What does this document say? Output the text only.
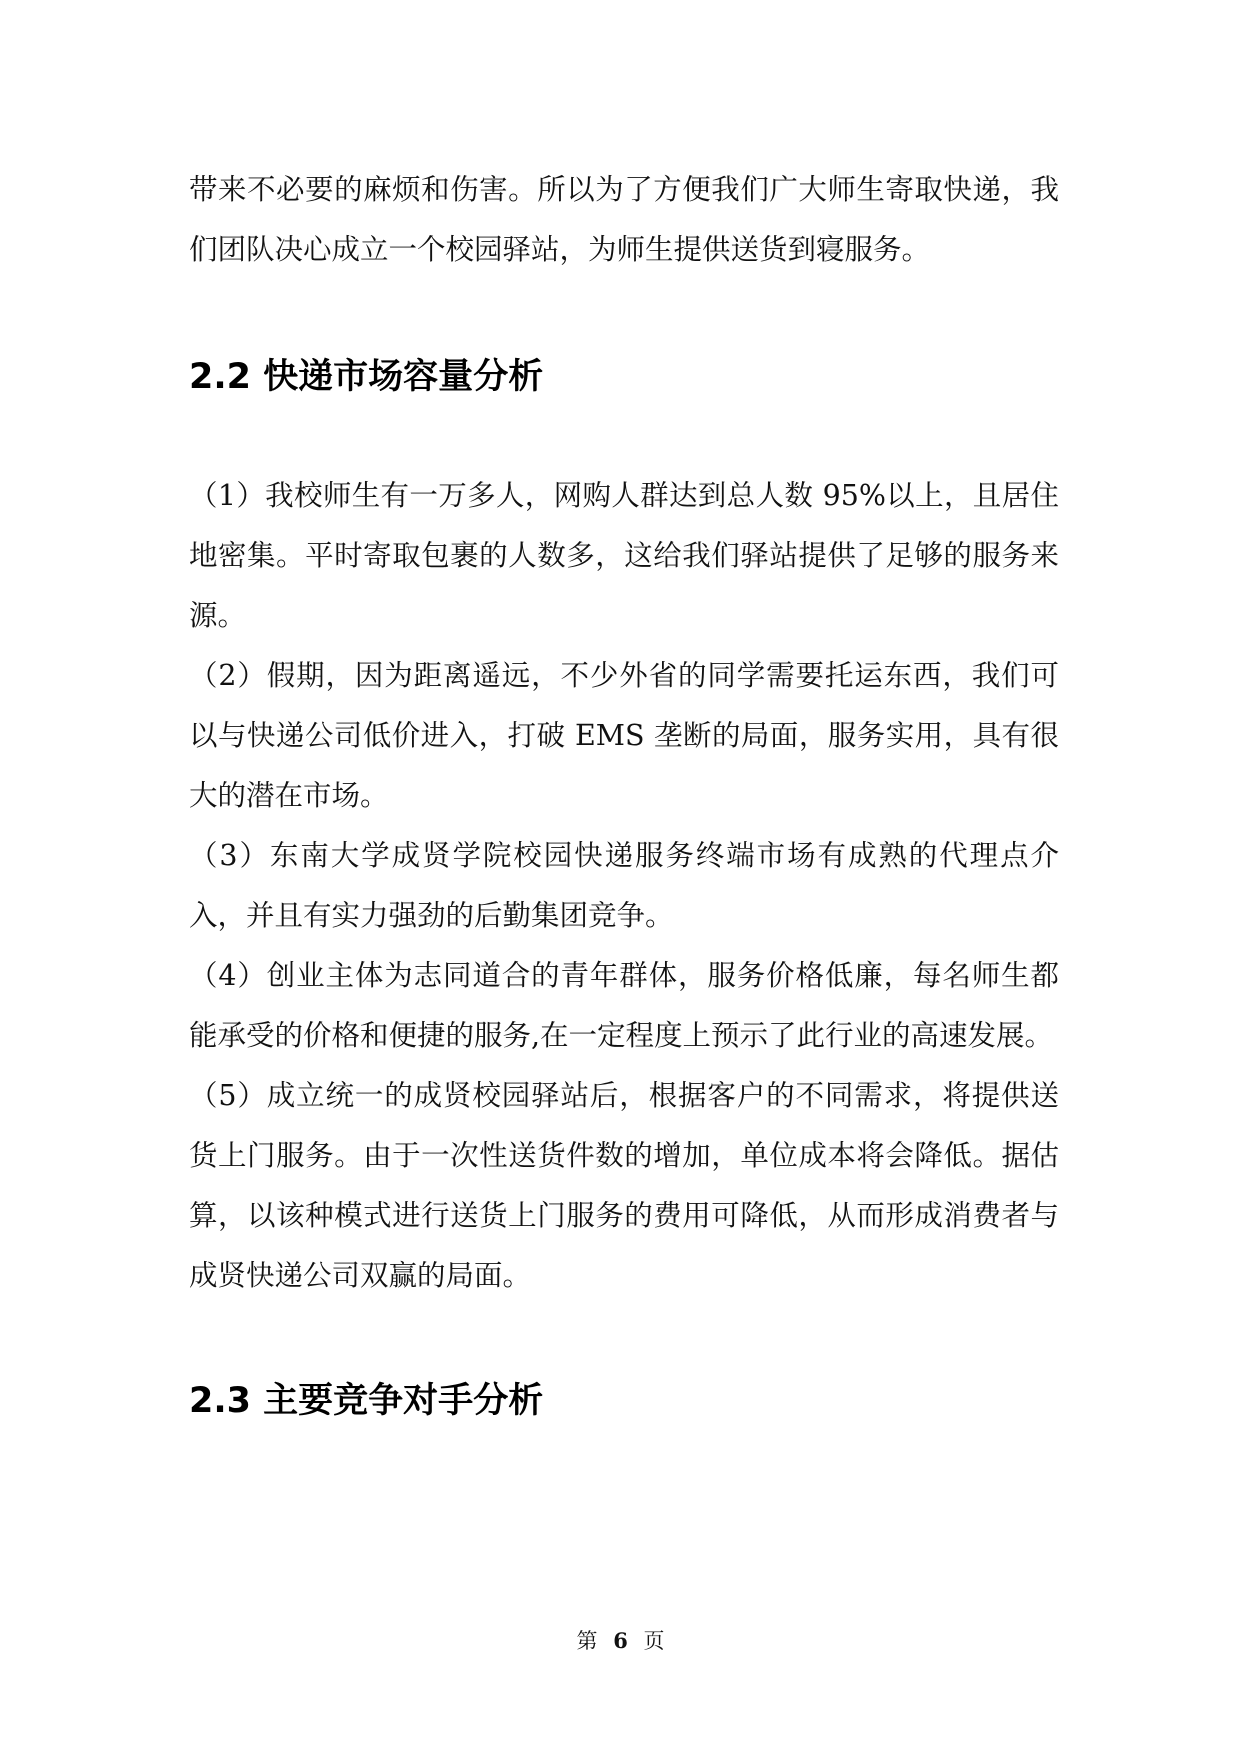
带来不必要的麻烦和伤害。所以为了方便我们广大师生寄取快递，我们团队决心成立一个校园驿站，为师生提供送货到寝服务。

2.2 快递市场容量分析

（1）我校师生有一万多人，网购人群达到总人数 95%以上，且居住地密集。平时寄取包裹的人数多，这给我们驿站提供了足够的服务来源。

（2）假期，因为距离遥远，不少外省的同学需要托运东西，我们可以与快递公司低价进入，打破 EMS 垄断的局面，服务实用，具有很大的潜在市场。

（3）东南大学成贤学院校园快递服务终端市场有成熟的代理点介入，并且有实力强劲的后勤集团竞争。

（4）创业主体为志同道合的青年群体，服务价格低廉，每名师生都能承受的价格和便捷的服务,在一定程度上预示了此行业的高速发展。

（5）成立统一的成贤校园驿站后，根据客户的不同需求，将提供送货上门服务。由于一次性送货件数的增加，单位成本将会降低。据估算，以该种模式进行送货上门服务的费用可降低，从而形成消费者与成贤快递公司双赢的局面。

2.3 主要竞争对手分析
第 6 页
